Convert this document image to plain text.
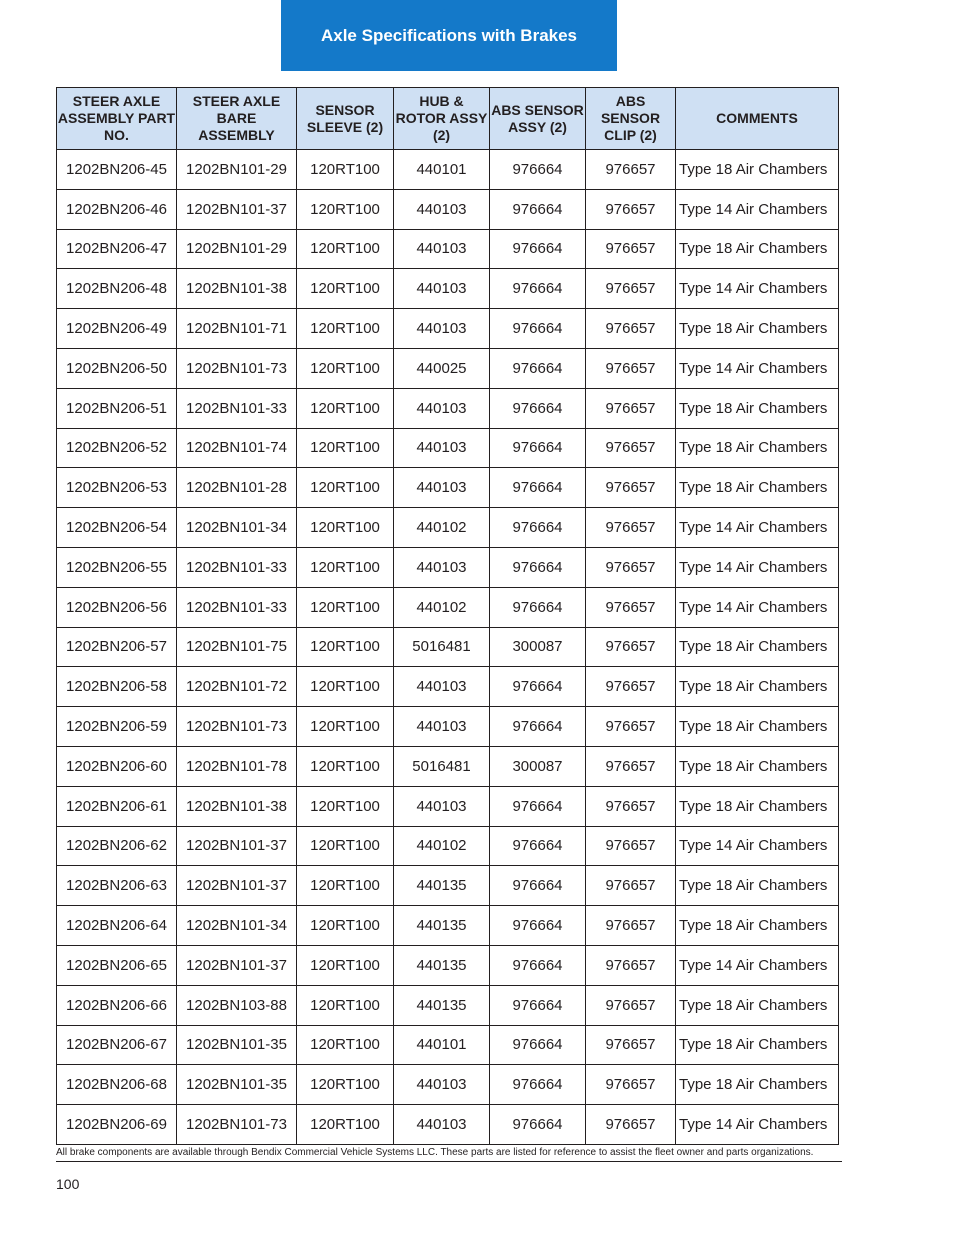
Axle Specifications with Brakes
STEER AXLE ASSEMBLY PART NO.	STEER AXLE BARE ASSEMBLY	SENSOR SLEEVE (2)	HUB & ROTOR ASSY (2)	ABS SENSOR ASSY (2)	ABS SENSOR CLIP (2)	COMMENTS
1202BN206-45	1202BN101-29	120RT100	440101	976664	976657	Type 18 Air Chambers
1202BN206-46	1202BN101-37	120RT100	440103	976664	976657	Type 14 Air Chambers
1202BN206-47	1202BN101-29	120RT100	440103	976664	976657	Type 18 Air Chambers
1202BN206-48	1202BN101-38	120RT100	440103	976664	976657	Type 14 Air Chambers
1202BN206-49	1202BN101-71	120RT100	440103	976664	976657	Type 18 Air Chambers
1202BN206-50	1202BN101-73	120RT100	440025	976664	976657	Type 14 Air Chambers
1202BN206-51	1202BN101-33	120RT100	440103	976664	976657	Type 18 Air Chambers
1202BN206-52	1202BN101-74	120RT100	440103	976664	976657	Type 18 Air Chambers
1202BN206-53	1202BN101-28	120RT100	440103	976664	976657	Type 18 Air Chambers
1202BN206-54	1202BN101-34	120RT100	440102	976664	976657	Type 14 Air Chambers
1202BN206-55	1202BN101-33	120RT100	440103	976664	976657	Type 14 Air Chambers
1202BN206-56	1202BN101-33	120RT100	440102	976664	976657	Type 14 Air Chambers
1202BN206-57	1202BN101-75	120RT100	5016481	300087	976657	Type 18 Air Chambers
1202BN206-58	1202BN101-72	120RT100	440103	976664	976657	Type 18 Air Chambers
1202BN206-59	1202BN101-73	120RT100	440103	976664	976657	Type 18 Air Chambers
1202BN206-60	1202BN101-78	120RT100	5016481	300087	976657	Type 18 Air Chambers
1202BN206-61	1202BN101-38	120RT100	440103	976664	976657	Type 18 Air Chambers
1202BN206-62	1202BN101-37	120RT100	440102	976664	976657	Type 14 Air Chambers
1202BN206-63	1202BN101-37	120RT100	440135	976664	976657	Type 18 Air Chambers
1202BN206-64	1202BN101-34	120RT100	440135	976664	976657	Type 18 Air Chambers
1202BN206-65	1202BN101-37	120RT100	440135	976664	976657	Type 14 Air Chambers
1202BN206-66	1202BN103-88	120RT100	440135	976664	976657	Type 18 Air Chambers
1202BN206-67	1202BN101-35	120RT100	440101	976664	976657	Type 18 Air Chambers
1202BN206-68	1202BN101-35	120RT100	440103	976664	976657	Type 18 Air Chambers
1202BN206-69	1202BN101-73	120RT100	440103	976664	976657	Type 14 Air Chambers
All brake components are available through Bendix Commercial Vehicle Systems LLC. These parts are listed for reference to assist the fleet owner and parts organizations.
100
